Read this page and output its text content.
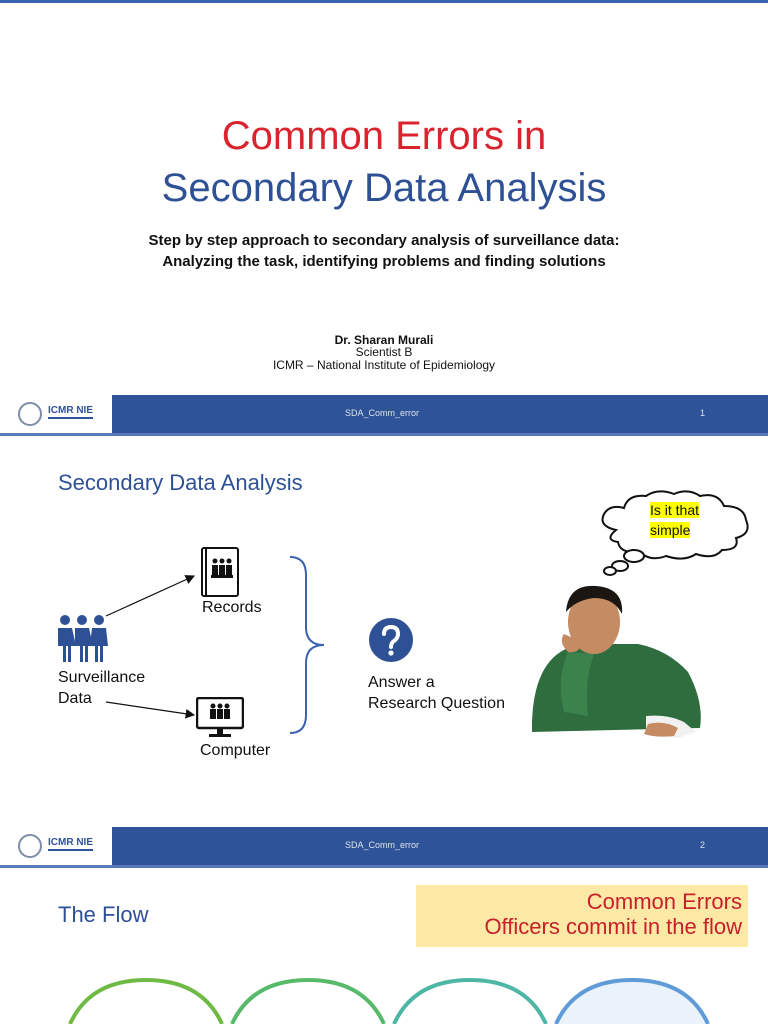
Common Errors in
Secondary Data Analysis
Step by step approach to secondary analysis of surveillance data:
Analyzing the task, identifying problems and finding solutions
Dr. Sharan Murali
Scientist B
ICMR – National Institute of Epidemiology
ICMR NIE	SDA_Comm_error	1
Secondary Data Analysis
Surveillance
Data
Records
Computer
Answer a
Research Question
Is it that
simple
ICMR NIE	SDA_Comm_error	2
The Flow
Common Errors
Officers commit in the flow
